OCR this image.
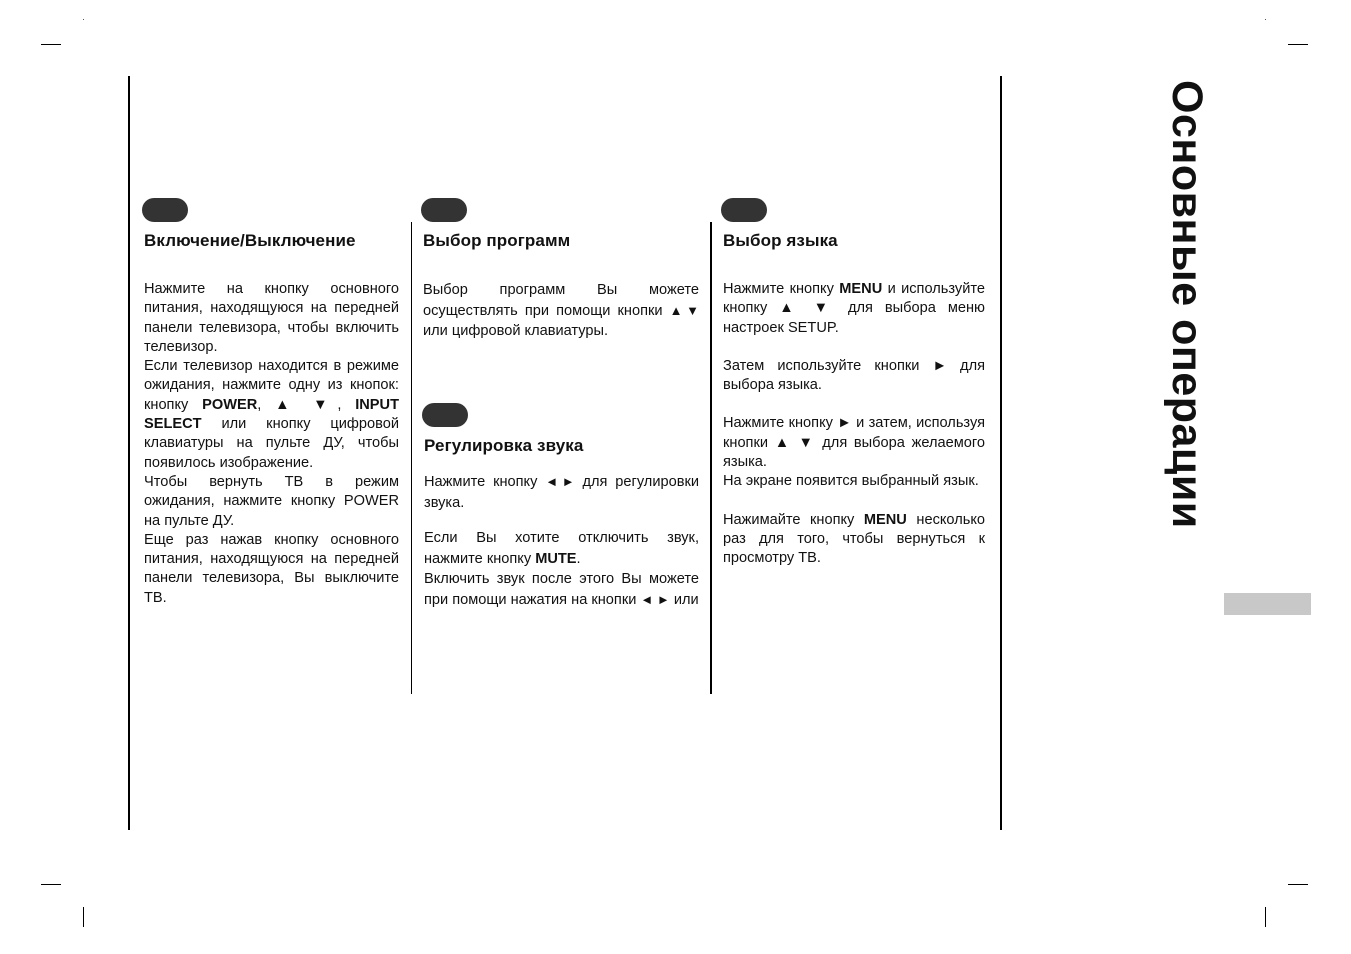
Основные операции
Включение/Выключение

Нажмите на кнопку основного питания, находящуюся на передней панели телевизора, чтобы включить телевизор.

Если телевизор находится в режиме ожидания, нажмите одну из кнопок: кнопку POWER, ▲ ▼, INPUT SELECT или кнопку цифровой клавиатуры на пульте ДУ, чтобы появилось изображение.

Чтобы вернуть ТВ в режим ожидания, нажмите кнопку POWER на пульте ДУ.

Еще раз нажав кнопку основного питания, находящуюся на передней панели телевизора, Вы выключите ТВ.

Выбор программ

Выбор программ Вы можете осуществлять при помощи кнопки ▲ ▼ или цифровой клавиатуры.

Регулировка звука

Нажмите кнопку ◄ ► для регулировки звука.

Если Вы хотите отключить звук, нажмите кнопку MUTE.

Включить звук после этого Вы можете при помощи нажатия на кнопки ◄ ► или

Выбор языка

Нажмите кнопку MENU и используйте кнопку ▲ ▼ для выбора меню настроек SETUP.

Затем используйте кнопки ► для выбора языка.

Нажмите кнопку ► и затем, используя кнопки ▲ ▼ для выбора желаемого языка.

На экране появится выбранный язык.

Нажимайте кнопку MENU несколько раз для того, чтобы вернуться к просмотру ТВ.
